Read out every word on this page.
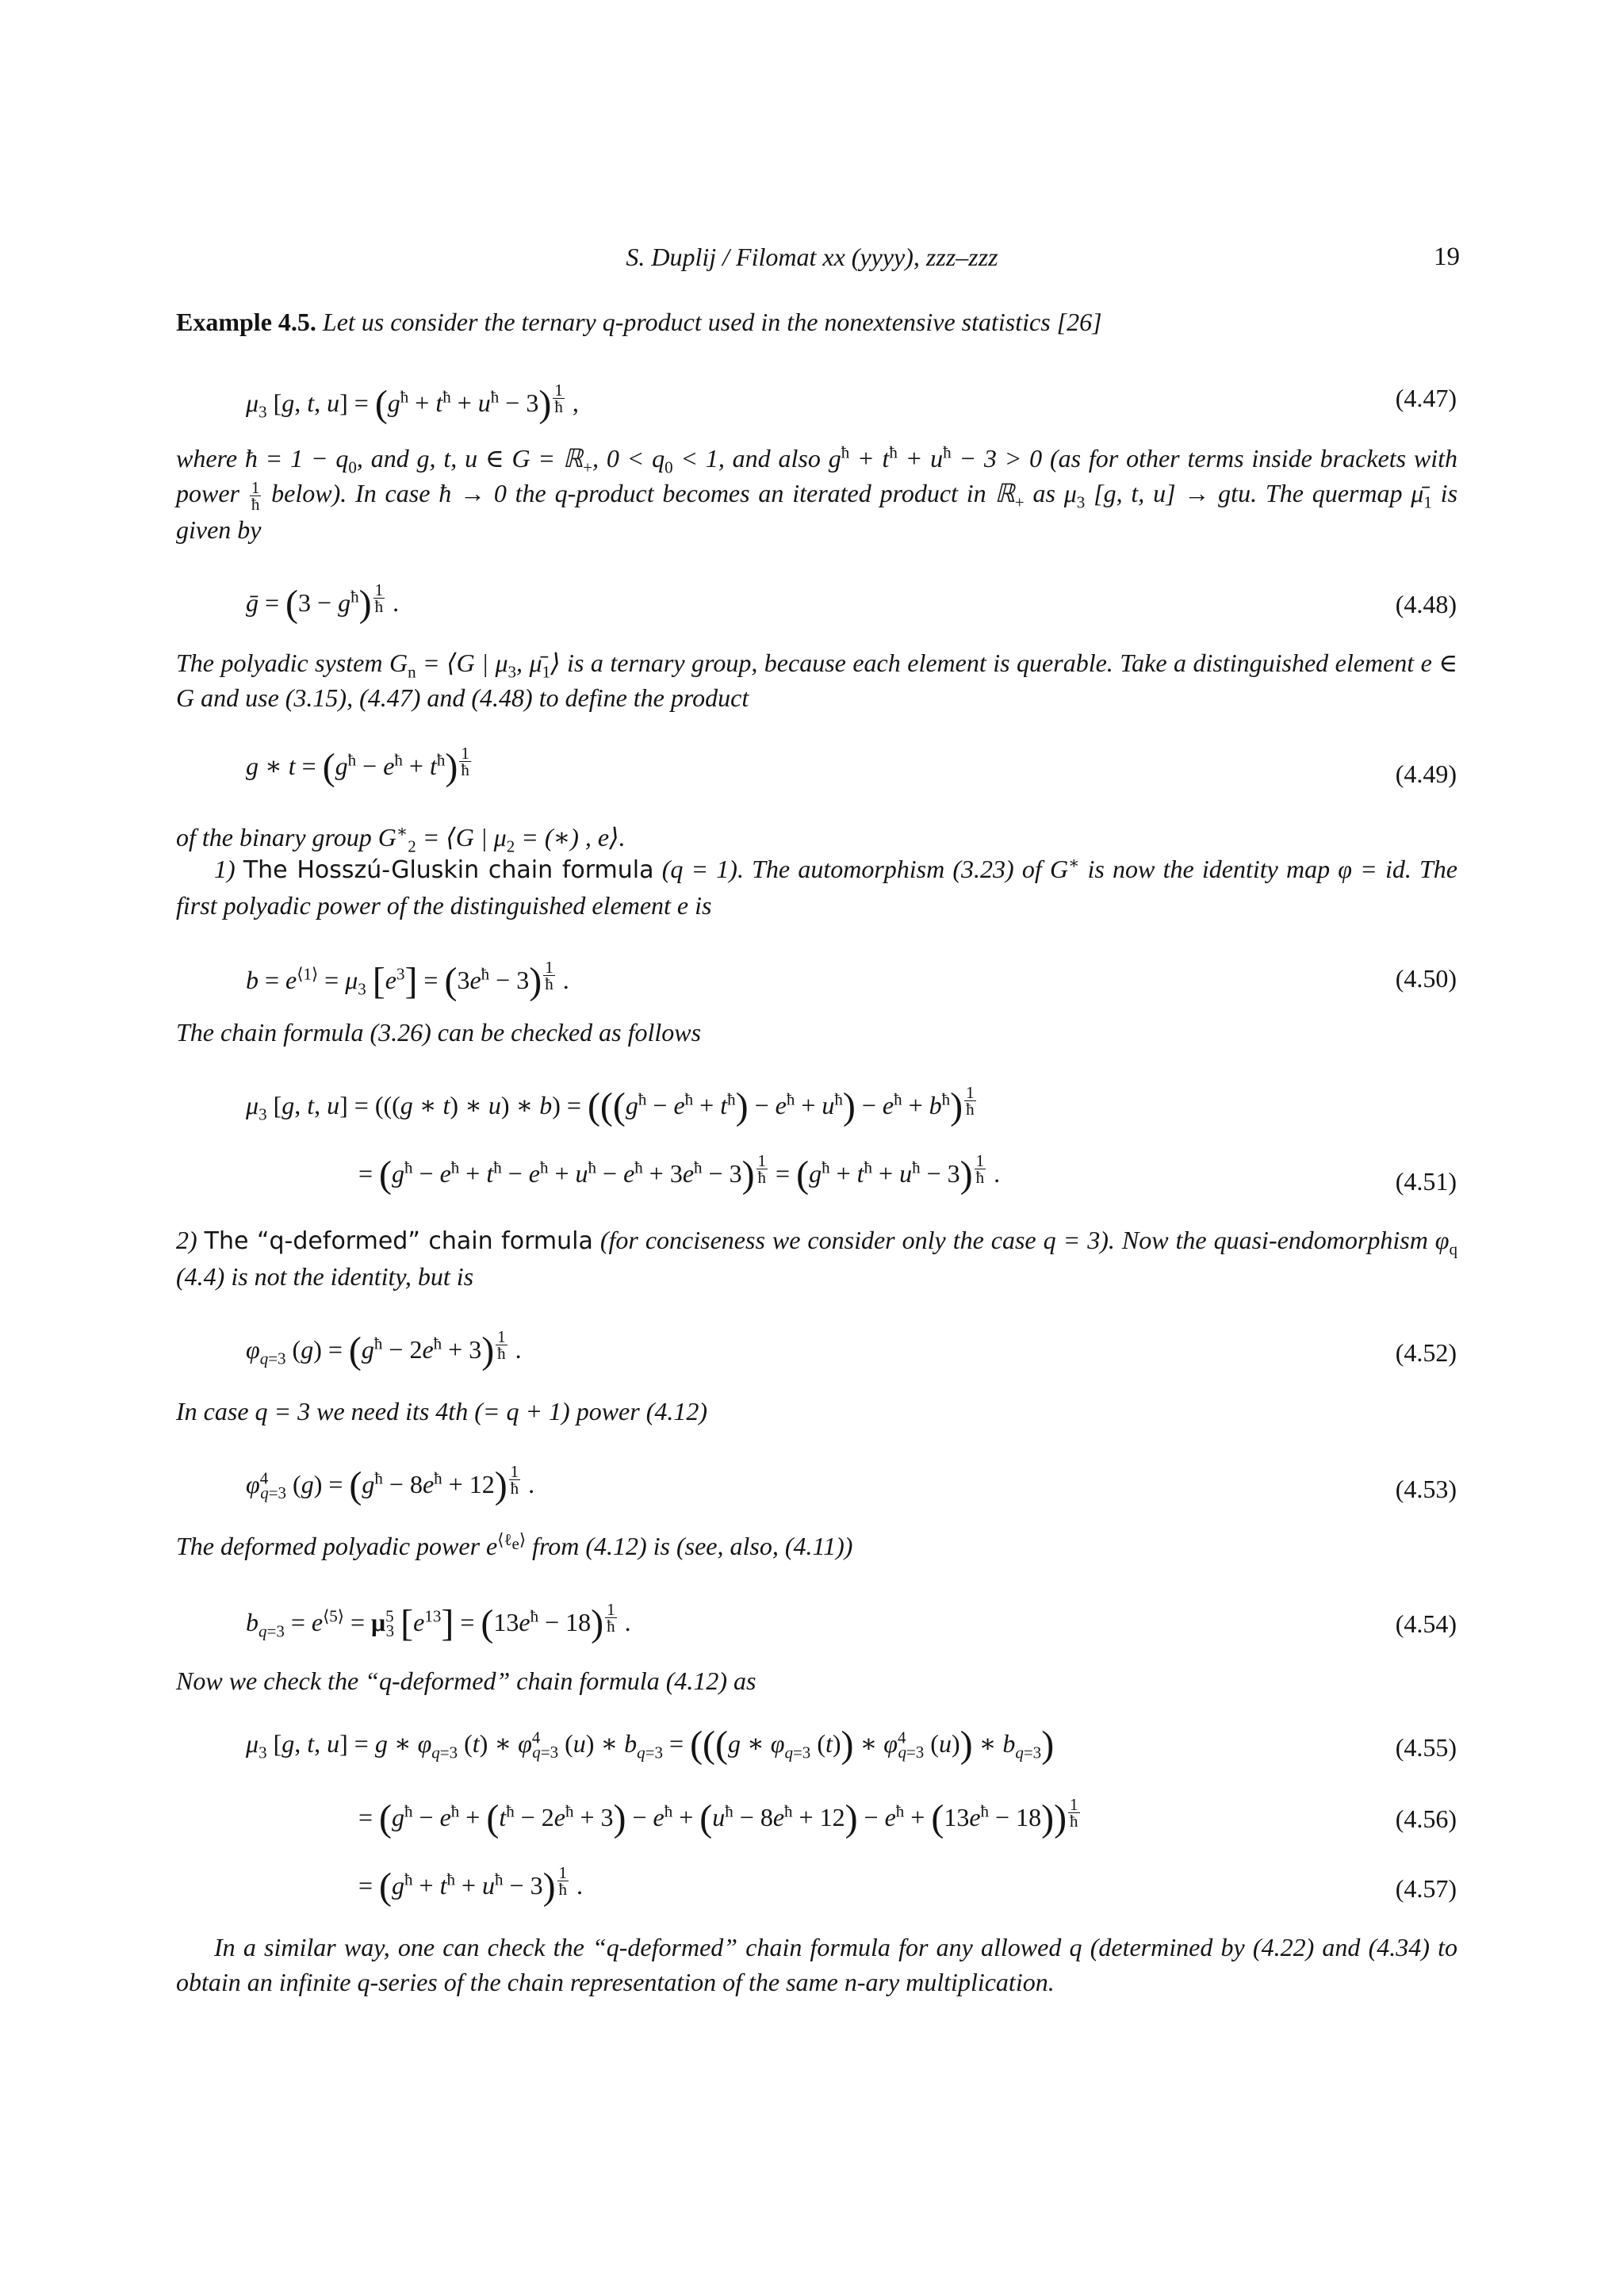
S. Duplij / Filomat xx (yyyy), zzz–zzz	19
Example 4.5. Let us consider the ternary q-product used in the nonextensive statistics [26]
$\mu_3$ [g, t, $u] = (g^ħ + t^ħ + u^ħ - 3)$ $^{\frac{1}{ħ}}$ ,	(4.47)
where ħ = $1 - q_0$, and g, t, u ∈ G = ℝ$_+$, $0 < q_0 < 1$, and also $g^ħ + t^ħ + u^ħ - 3 > 0$ (as for other terms inside brackets with power $\frac{1}{ħ}$ below). In case ħ → 0 the q-product becomes an iterated product in ℝ$_+$ as $\mu_3$ [g, t, u] → gtu. The quermap $\mū_1$ is given by
ḡ = $(3 - g^ħ)$ $^{\frac{1}{ħ}}$ .	(4.48)
The polyadic system $G_n$ = ⟨G | $\mu_3$, $\mū_1⟩$ is a ternary group, because each element is querable. Take a distinguished element e ∈ G and use (3.15), (4.47) and (4.48) to define the product
g ∗ $t = (g^ħ - e^ħ + t^ħ)$ $^{\frac{1}{ħ}}$	(4.49)
of the binary group $G^∗_2$ = ⟨G | $\mu_2$ = (∗) , e⟩.
1) The Hosszú-Gluskin chain formula (q = 1). The automorphism (3.23) of G∗ is now the identity map φ = id. The first polyadic power of the distinguished element e is
$b = e^{⟨1⟩} = \mu_3$ $[e^3] = (3e^ħ - 3)$ $^{\frac{1}{ħ}}$ .	(4.50)
The chain formula (3.26) can be checked as follows
$\mu_3$ [g, t, u] = (((g ∗ t) ∗ u) ∗ $b) = (((g^ħ - e^ħ + t^ħ) - e^ħ + u^ħ) - e^ħ + b^ħ)$ $^{\frac{1}{ħ}}$
= $(g^ħ - e^ħ + t^ħ - e^ħ + u^ħ - e^ħ + 3e^ħ - 3) ^{\frac{1}{ħ}} = (g^ħ + t^ħ + u^ħ - 3)$ $^{\frac{1}{ħ}}$ .	(4.51)
2) The “q-deformed” chain formula (for conciseness we consider only the case q = 3). Now the quasi-endomorphism $\varphi_q$ (4.4) is not the identity, but is
$\varphi_{q=3}$ $(g) = (g^ħ - 2e^ħ + 3)$ $^{\frac{1}{ħ}}$ .	(4.52)
In case q = 3 we need its 4th (= q + 1) power (4.12)
$\varphi^4_{q=3}$ $(g) = (g^ħ - 8e^ħ + 12)$ $^{\frac{1}{ħ}}$ .	(4.53)
The deformed polyadic power $e^{⟨\ell_e⟩}$ from (4.12) is (see, also, (4.11))
$b_{q=3} = e^{⟨5⟩} = \mu^5_3$ $[e^{13}] = (13e^ħ - 18)$ $^{\frac{1}{ħ}}$ .	(4.54)
Now we check the “q-deformed” chain formula (4.12) as
$\mu_3$ [g, t, u] = g ∗ $\varphi_{q=3}$ (t) ∗ $\varphi^4_{q=3}$ (u) ∗ $b_{q=3} = (((g$ ∗ $\varphi_{q=3}$ (t)) ∗ $\varphi^4_{q=3}$ (u)) ∗ $b_{q=3}$)	(4.55)
= $(g^ħ - e^ħ + (t^ħ - 2e^ħ + 3) - e^ħ + (u^ħ - 8e^ħ + 12) - e^ħ + (13e^ħ - 18))$ $^{\frac{1}{ħ}}$	(4.56)
= $(g^ħ + t^ħ + u^ħ - 3)$ $^{\frac{1}{ħ}}$ .	(4.57)
In a similar way, one can check the “q-deformed” chain formula for any allowed q (determined by (4.22) and (4.34) to obtain an infinite q-series of the chain representation of the same n-ary multiplication.
